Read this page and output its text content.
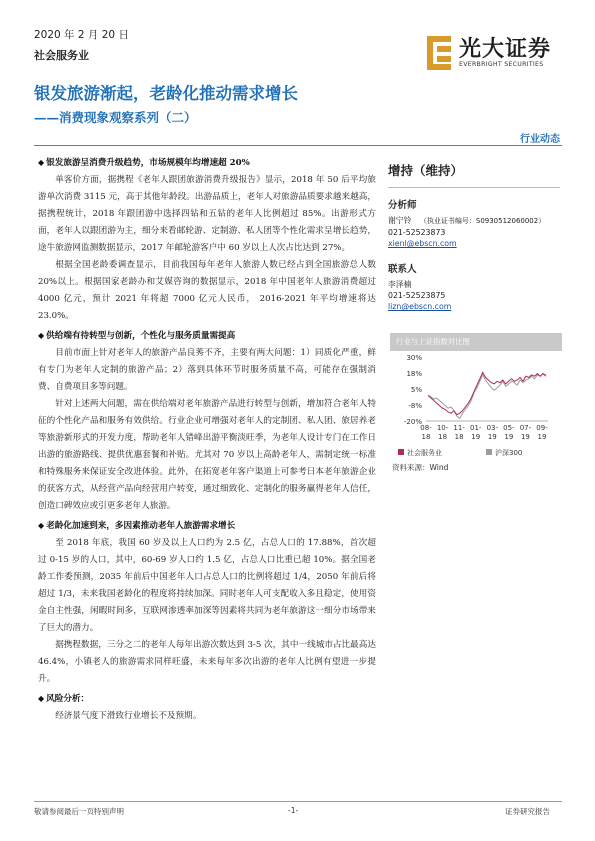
2020 年 2 月 20 日
社会服务业	光大证券
EVERBRIGHT SECURITIES
银发旅游渐起，老龄化推动需求增长
——消费现象观察系列（二）
行业动态
◆ 银发旅游呈消费升级趋势，市场规模年均增速超 20%

单客价方面，据携程《老年人跟团旅游消费升级报告》显示，2018 年 50 后平均旅游单次消费 3115 元，高于其他年龄段。出游品质上，老年人对旅游品质要求越来越高，据携程统计，2018 年跟团游中选择四钻和五钻的老年人比例超过 85%。出游形式方面，老年人以跟团游为主，细分来看邮轮游、定制游、私人团等个性化需求呈增长趋势，途牛旅游网监测数据显示，2017 年邮轮游客户中 60 岁以上人次占比达到 27%。

根据全国老龄委调查显示，目前我国每年老年人旅游人数已经占到全国旅游总人数 20%以上。根据国家老龄办和艾媒咨询的数据显示，2018 年中国老年人旅游消费超过 4000 亿元，预计 2021 年将超 7000 亿元人民币， 2016-2021 年平均增速将达 23.0%。

◆ 供给端有待转型与创新，个性化与服务质量需提高

目前市面上针对老年人的旅游产品良莠不齐，主要有两大问题：1）同质化严重，鲜有专门为老年人定制的旅游产品；2）落到具体环节时服务质量不高，可能存在强制消费、自费项目多等问题。

针对上述两大问题，需在供给端对老年旅游产品进行转型与创新，增加符合老年人特征的个性化产品和服务有效供给。行业企业可增强对老年人的定制团、私人团、旅居养老等旅游新形式的开发力度，帮助老年人错峰出游平衡淡旺季，为老年人设计专门在工作日出游的旅游路线、提供优惠套餐和补贴。尤其对 70 岁以上高龄老年人，需制定统一标准和特殊服务来保证安全改进体验。此外，在拓宽老年客户渠道上可参考日本老年旅游企业的获客方式，从经营产品向经营用户转变，通过细致化、定制化的服务赢得老年人信任，创造口碑效应或引更多老年人旅游。

◆ 老龄化加速到来，多因素推动老年人旅游需求增长

至 2018 年底，我国 60 岁及以上人口约为 2.5 亿，占总人口的 17.88%，首次超过 0-15 岁的人口，其中，60-69 岁人口约 1.5 亿，占总人口比重已超 10%。据全国老龄工作委预测，2035 年前后中国老年人口占总人口的比例将超过 1/4，2050 年前后将超过 1/3，未来我国老龄化的程度将持续加深。同时老年人可支配收入多且稳定，使用资金自主性强，闲暇时间多，互联网渗透率加深等因素将共同为老年旅游这一细分市场带来了巨大的潜力。

据携程数据，三分之二的老年人每年出游次数达到 3-5 次，其中一线城市占比最高达 46.4%，小镇老人的旅游需求同样旺盛，未来每年多次出游的老年人比例有望进一步提升。

◆ 风险分析：

经济景气度下滑致行业增长不及预期。

增持（维持）
分析师
谢宁铃 （执业证书编号：S0930512060002）
021-52523873
xienl@ebscn.com
联系人
李泽楠
021-52523875
lizn@ebscn.com
行业与上证指数对比图
30%
18%
5%
-8%
-20%
08-
18
10-
18
11-
18
01-
19
03-
19
05-
19
07-
19
09-
19
社会服务业	沪深300
资料来源：Wind
敬请参阅最后一页特别声明	-1-	证券研究报告
